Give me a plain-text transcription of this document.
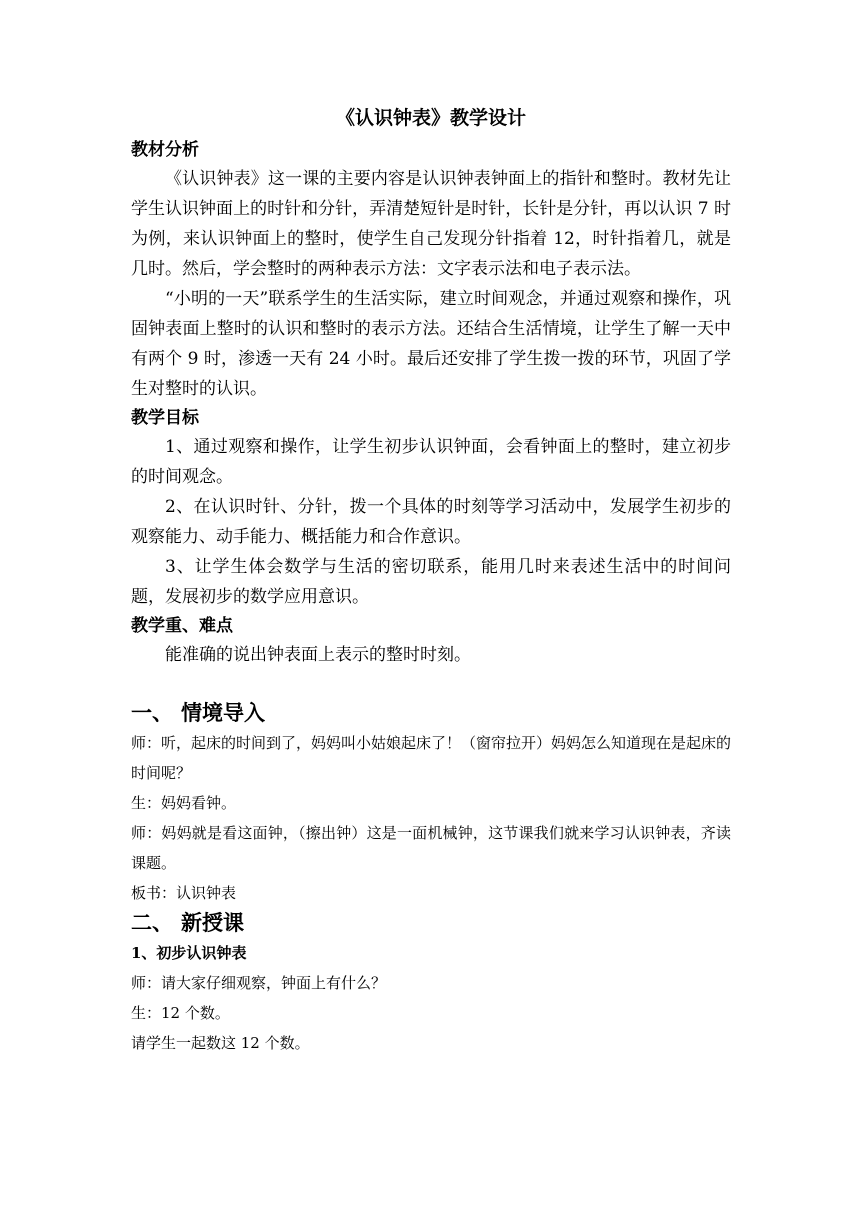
《认识钟表》教学设计

教材分析

《认识钟表》这一课的主要内容是认识钟表钟面上的指针和整时。教材先让学生认识钟面上的时针和分针，弄清楚短针是时针，长针是分针，再以认识 7 时为例，来认识钟面上的整时，使学生自己发现分针指着 12，时针指着几，就是几时。然后，学会整时的两种表示方法：文字表示法和电子表示法。

“小明的一天”联系学生的生活实际，建立时间观念，并通过观察和操作，巩固钟表面上整时的认识和整时的表示方法。还结合生活情境，让学生了解一天中有两个 9 时，渗透一天有 24 小时。最后还安排了学生拨一拨的环节，巩固了学生对整时的认识。

教学目标

1、通过观察和操作，让学生初步认识钟面，会看钟面上的整时，建立初步的时间观念。

2、在认识时针、分针，拨一个具体的时刻等学习活动中，发展学生初步的观察能力、动手能力、概括能力和合作意识。

3、让学生体会数学与生活的密切联系，能用几时来表述生活中的时间问题，发展初步的数学应用意识。

教学重、难点

能准确的说出钟表面上表示的整时时刻。

一、 情境导入

师：听，起床的时间到了，妈妈叫小姑娘起床了！（窗帘拉开）妈妈怎么知道现在是起床的时间呢？

生：妈妈看钟。

师：妈妈就是看这面钟，（擦出钟）这是一面机械钟，这节课我们就来学习认识钟表，齐读课题。

板书：认识钟表

二、 新授课

1、初步认识钟表

师：请大家仔细观察，钟面上有什么？

生：12 个数。

请学生一起数这 12 个数。
